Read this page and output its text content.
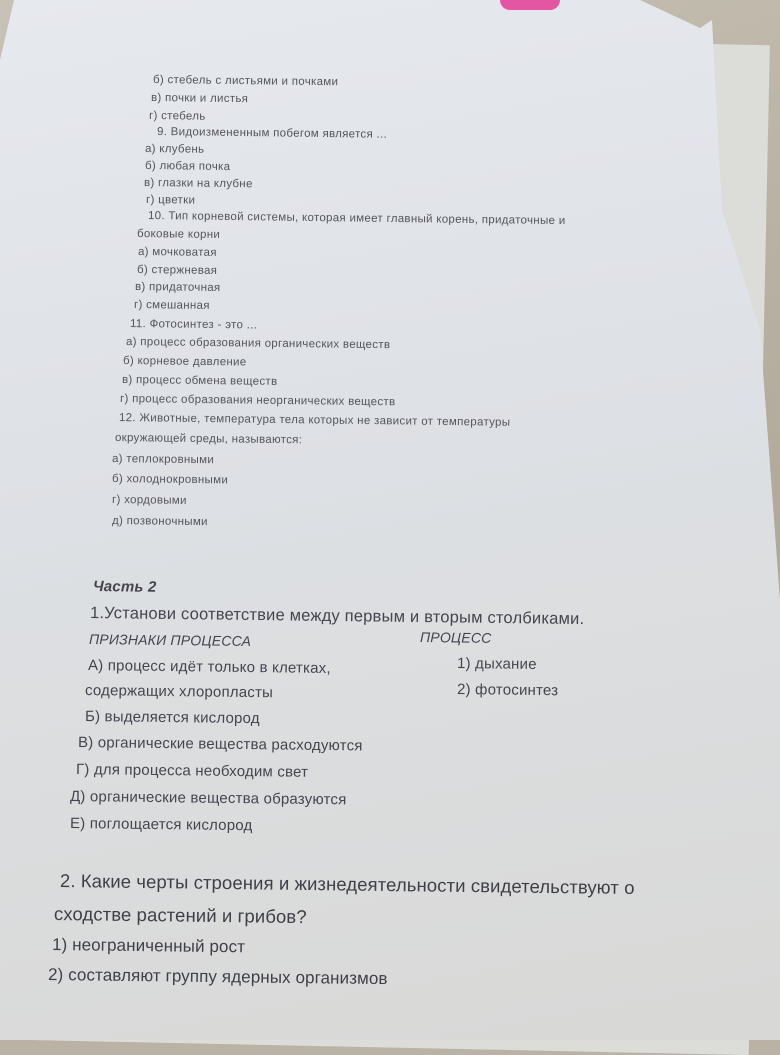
б) стебель с листьями и почками
в) почки и листья
г) стебель
9. Видоизмененным побегом является ...
а) клубень
б) любая почка
в) глазки на клубне
г) цветки
10. Тип корневой системы, которая имеет главный корень, придаточные и
боковые корни
а) мочковатая
б) стержневая
в) придаточная
г) смешанная
11. Фотосинтез - это ...
а) процесс образования органических веществ
б) корневое давление
в) процесс обмена веществ
г) процесс образования неорганических веществ
12. Животные, температура тела которых не зависит от температуры
окружающей среды, называются:
а) теплокровными
б) холоднокровными
г) хордовыми
д) позвоночными
Часть 2
1.Установи соответствие между первым и вторым столбиками.
ПРИЗНАКИ ПРОЦЕССА	ПРОЦЕСС
А) процесс идёт только в клетках,
содержащих хлоропласты
Б) выделяется кислород
В) органические вещества расходуются
Г) для процесса необходим свет
Д) органические вещества образуются
Е) поглощается кислород
1) дыхание
2) фотосинтез
2. Какие черты строения и жизнедеятельности свидетельствуют о
сходстве растений и грибов?
1) неограниченный рост
2) составляют группу ядерных организмов
